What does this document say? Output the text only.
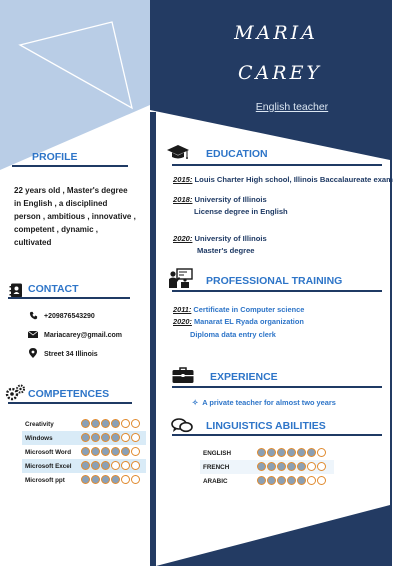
MARIA
CAREY
English teacher
PROFILE
22 years old , Master's degree in English , a disciplined person , ambitious , innovative , competent , dynamic , cultivated
CONTACT
+209876543290
Mariacarey@gmail.com
Street 34 Illinois
COMPETENCES
Creativity
Windows
Microsoft Word
Microsoft Excel
Microsoft ppt
EDUCATION
2015: Louis Charter High school, Illinois Baccalaureate exam
2018: University of Illinois
License degree in English
2020: University of Illinois
Master's degree
PROFESSIONAL TRAINING
2011: Certificate in Computer science
2020: Manarat EL Ryada organization
Diploma data entry clerk
EXPERIENCE
✧ A private teacher for almost two years
LINGUISTICS ABILITIES
ENGLISH
FRENCH
ARABIC
